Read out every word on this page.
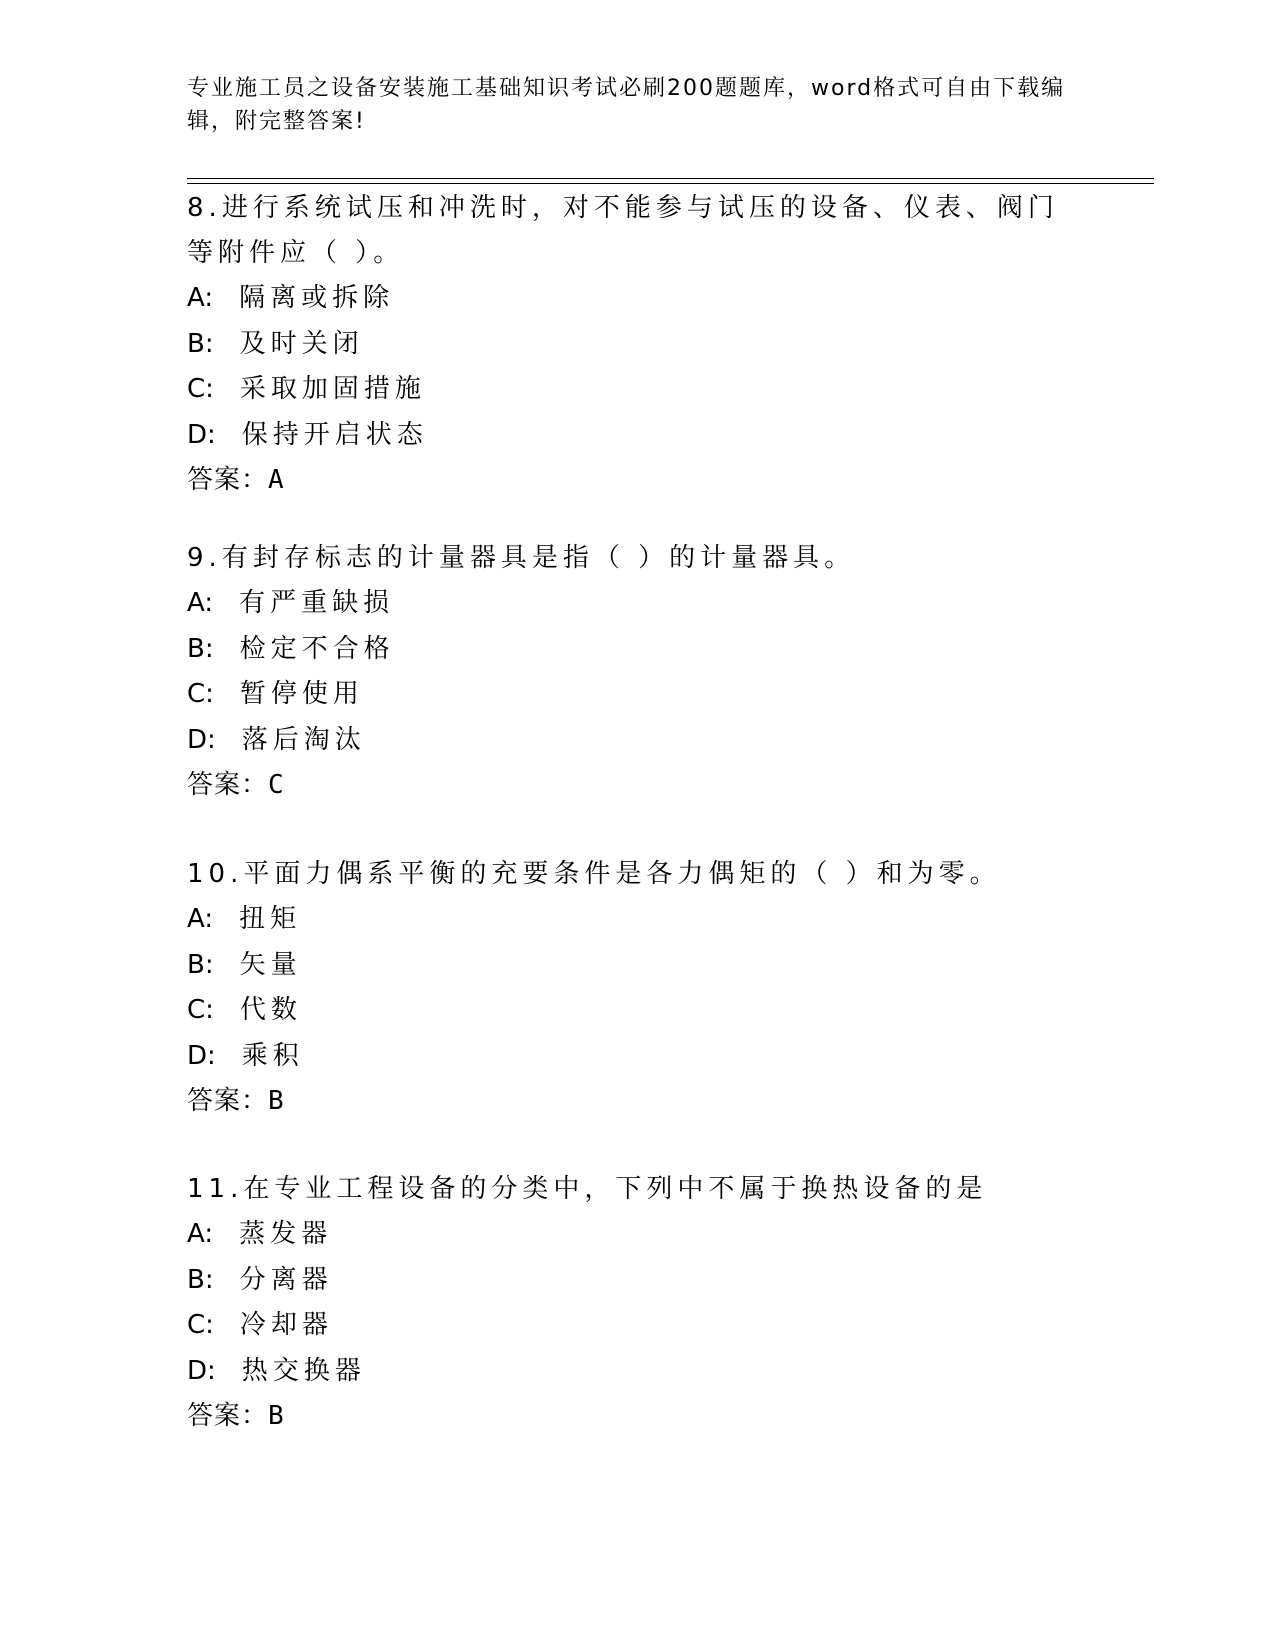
专业施工员之设备安装施工基础知识考试必刷200题题库，word格式可自由下载编辑，附完整答案!
8.进行系统试压和冲洗时，对不能参与试压的设备、仪表、阀门等附件应（ ）。
A: 隔离或拆除
B: 及时关闭
C: 采取加固措施
D: 保持开启状态
答案：A
9.有封存标志的计量器具是指（ ）的计量器具。
A: 有严重缺损
B: 检定不合格
C: 暂停使用
D: 落后淘汰
答案：C
10.平面力偶系平衡的充要条件是各力偶矩的（ ）和为零。
A: 扭矩
B: 矢量
C: 代数
D: 乘积
答案：B
11.在专业工程设备的分类中，下列中不属于换热设备的是
A: 蒸发器
B: 分离器
C: 冷却器
D: 热交换器
答案：B
